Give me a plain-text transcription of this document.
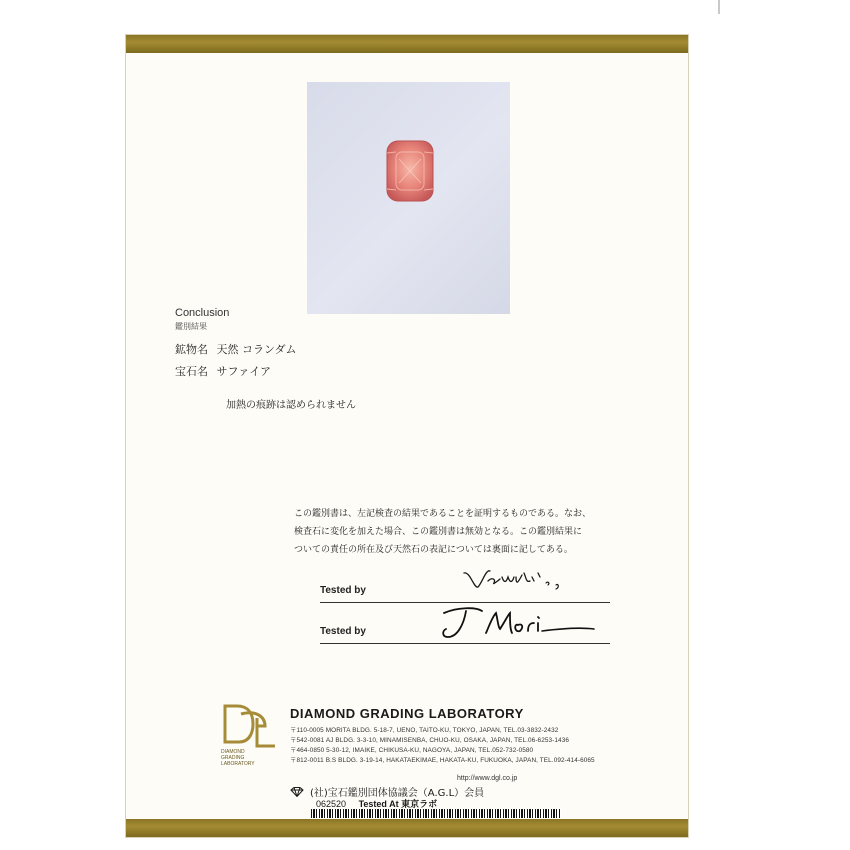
Conclusion
鑑別結果
鉱物名 天然 コランダム
宝石名 サファイア
加熱の痕跡は認められません
この鑑別書は、左記検査の結果であることを証明するものである。なお、
検査石に変化を加えた場合、この鑑別書は無効となる。この鑑別結果に
ついての責任の所在及び天然石の表記については裏面に記してある。
Tested by
Tested by
DIAMOND
GRADING
LABORATORY
DIAMOND GRADING LABORATORY
〒110-0005 MORITA BLDG. 5-18-7, UENO, TAITO-KU, TOKYO, JAPAN, TEL.03-3832-2432
〒542-0081 AJ BLDG. 3-3-10, MINAMISENBA, CHUO-KU, OSAKA, JAPAN, TEL.06-6253-1436
〒464-0850 5-30-12, IMAIKE, CHIKUSA-KU, NAGOYA, JAPAN, TEL.052-732-0580
〒812-0011 B.S BLDG. 3-19-14, HAKATAEKIMAE, HAKATA-KU, FUKUOKA, JAPAN, TEL.092-414-6065
http://www.dgl.co.jp
(社)宝石鑑別団体協議会（A.G.L）会員
062520 Tested At 東京ラボ
